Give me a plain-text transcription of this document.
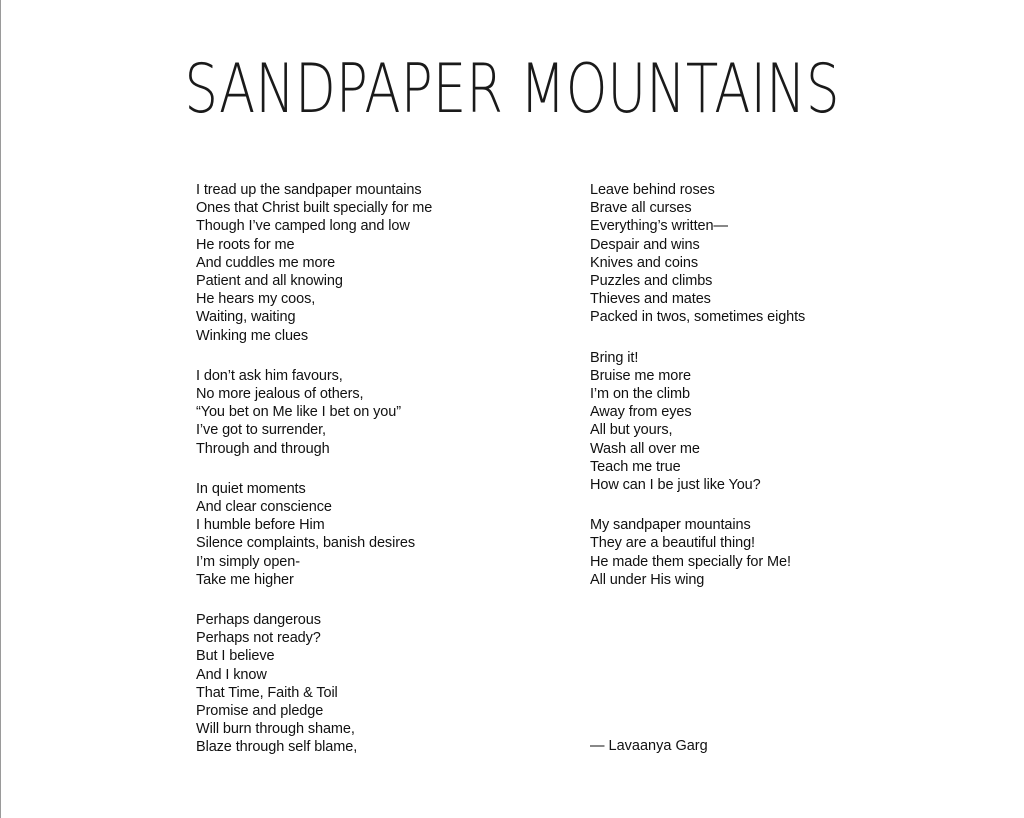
SANDPAPER MOUNTAINS
I tread up the sandpaper mountains
Ones that Christ built specially for me
Though I’ve camped long and low
He roots for me
And cuddles me more
Patient and all knowing
He hears my coos,
Waiting, waiting
Winking me clues
I don’t ask him favours,
No more jealous of others,
“You bet on Me like I bet on you”
I’ve got to surrender,
Through and through
In quiet moments
And clear conscience
I humble before Him
Silence complaints, banish desires
I’m simply open-
Take me higher
Perhaps dangerous
Perhaps not ready?
But I believe
And I know
That Time, Faith & Toil
Promise and pledge
Will burn through shame,
Blaze through self blame,
Leave behind roses
Brave all curses
Everything’s written—
Despair and wins
Knives and coins
Puzzles and climbs
Thieves and mates
Packed in twos, sometimes eights
Bring it!
Bruise me more
I’m on the climb
Away from eyes
All but yours,
Wash all over me
Teach me true
How can I be just like You?
My sandpaper mountains
They are a beautiful thing!
He made them specially for Me!
All under His wing
— Lavaanya Garg
